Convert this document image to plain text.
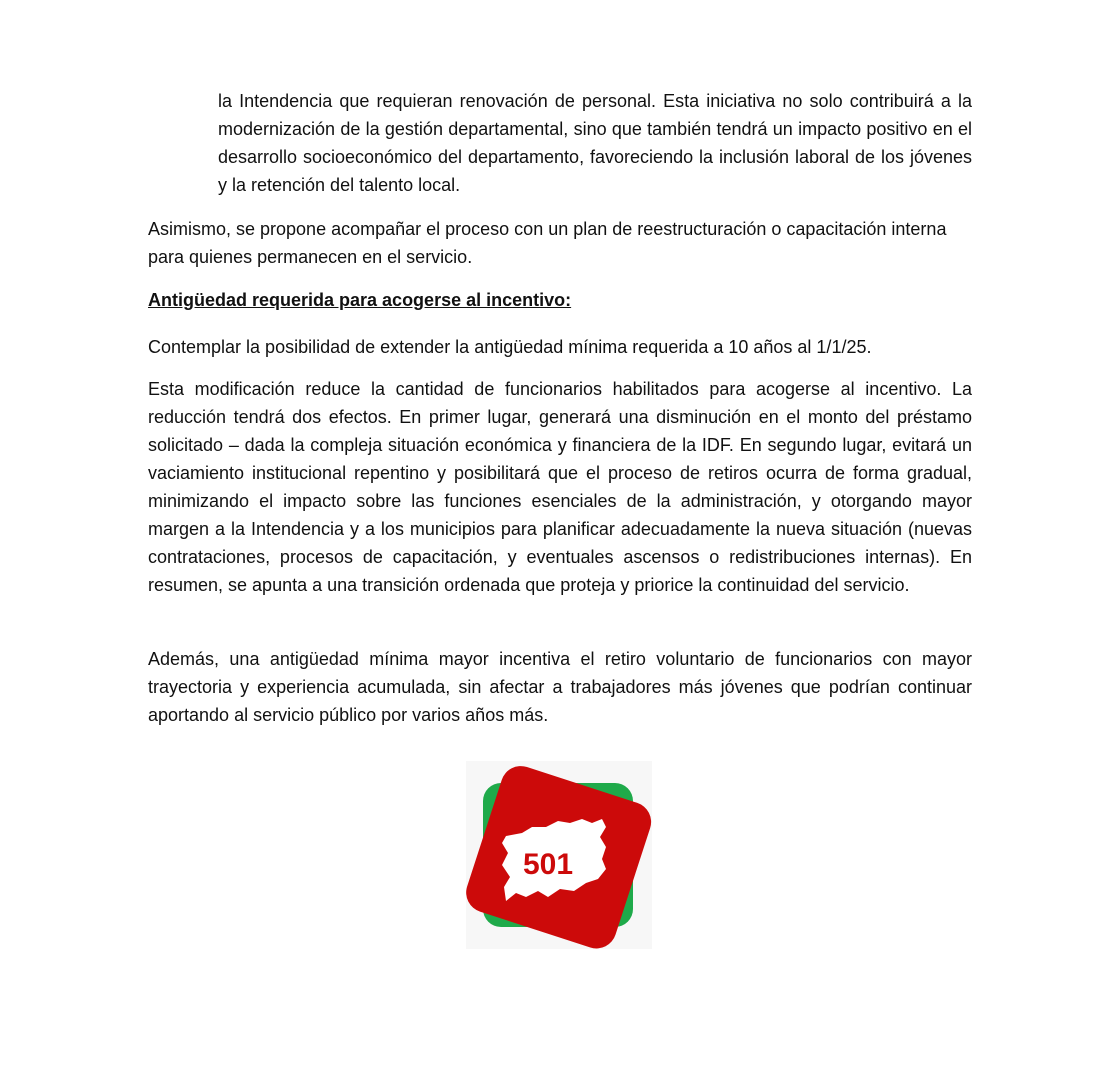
la Intendencia que requieran renovación de personal. Esta iniciativa no solo contribuirá a la modernización de la gestión departamental, sino que también tendrá un impacto positivo en el desarrollo socioeconómico del departamento, favoreciendo la inclusión laboral de los jóvenes y la retención del talento local.

Asimismo, se propone acompañar el proceso con un plan de reestructuración o capacitación interna para quienes permanecen en el servicio.

Antigüedad requerida para acogerse al incentivo:

Contemplar la posibilidad de extender la antigüedad mínima requerida a 10 años al 1/1/25.

Esta modificación reduce la cantidad de funcionarios habilitados para acogerse al incentivo. La reducción tendrá dos efectos. En primer lugar, generará una disminución en el monto del préstamo solicitado – dada la compleja situación económica y financiera de la IDF. En segundo lugar, evitará un vaciamiento institucional repentino y posibilitará que el proceso de retiros ocurra de forma gradual, minimizando el impacto sobre las funciones esenciales de la administración, y otorgando mayor margen a la Intendencia y a los municipios para planificar adecuadamente la nueva situación (nuevas contrataciones, procesos de capacitación, y eventuales ascensos o redistribuciones internas). En resumen, se apunta a una transición ordenada que proteja y priorice la continuidad del servicio.

Además, una antigüedad mínima mayor incentiva el retiro voluntario de funcionarios con mayor trayectoria y experiencia acumulada, sin afectar a trabajadores más jóvenes que podrían continuar aportando al servicio público por varios años más.

501
